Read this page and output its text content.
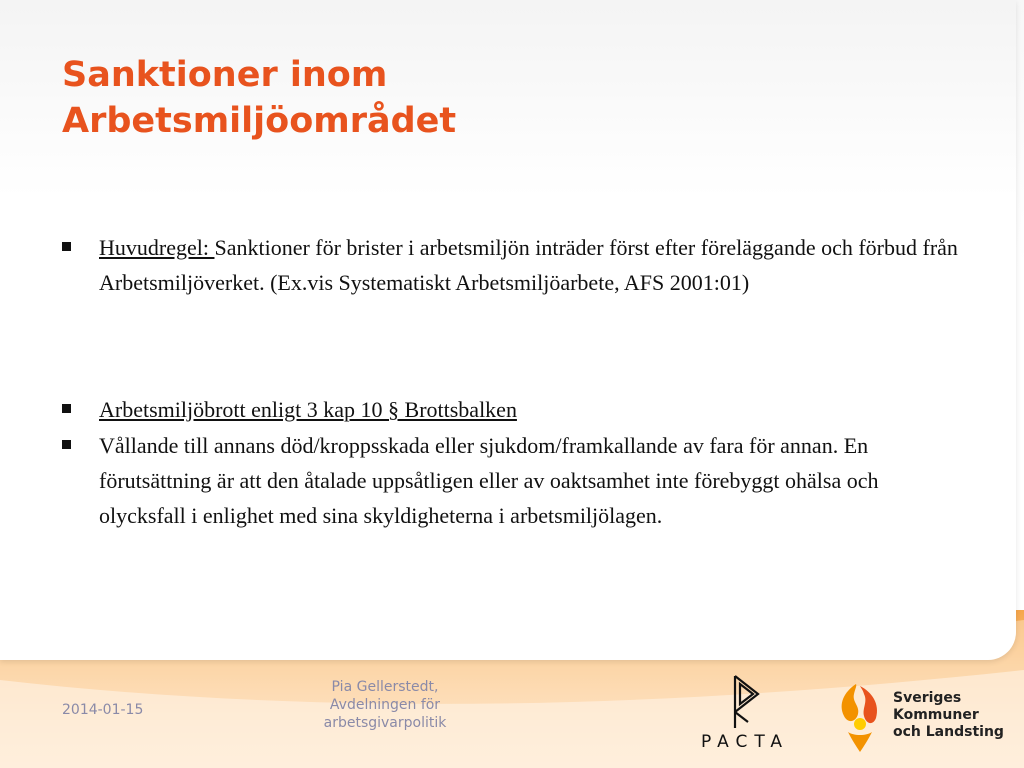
Sanktioner inom
Arbetsmiljöområdet
Huvudregel: Sanktioner för brister i arbetsmiljön inträder först efter föreläggande och förbud från Arbetsmiljöverket. (Ex.vis Systematiskt Arbetsmiljöarbete, AFS 2001:01)
Arbetsmiljöbrott enligt 3 kap 10 § Brottsbalken
Vållande till annans död/kroppsskada eller sjukdom/framkallande av fara för annan. En förutsättning är att den åtalade uppsåtligen eller av oaktsamhet inte förebyggt ohälsa och olycksfall i enlighet med sina skyldigheterna i arbetsmiljölagen.
2014-01-15
Pia Gellerstedt,
Avdelningen för
arbetsgivarpolitik
PACTA
Sveriges
Kommuner
och Landsting
